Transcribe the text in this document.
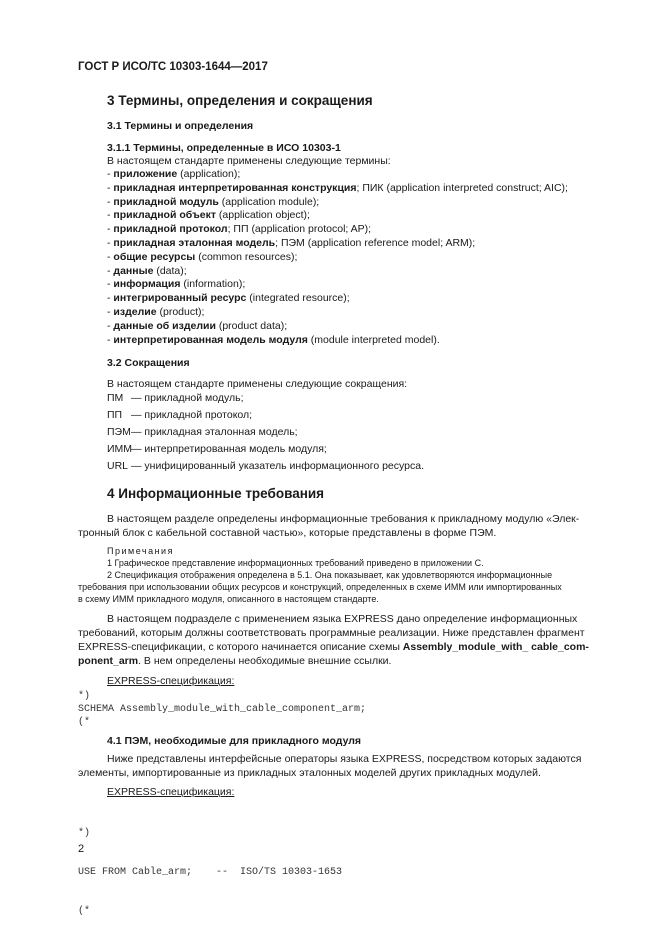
ГОСТ Р ИСО/ТС 10303-1644—2017
3 Термины, определения и сокращения
3.1 Термины и определения
3.1.1 Термины, определенные в ИСО 10303-1
В настоящем стандарте применены следующие термины:
- приложение (application);
- прикладная интерпретированная конструкция; ПИК (application interpreted construct; AIC);
- прикладной модуль (application module);
- прикладной объект (application object);
- прикладной протокол; ПП (application protocol; AP);
- прикладная эталонная модель; ПЭМ (application reference model; ARM);
- общие ресурсы (common resources);
- данные (data);
- информация (information);
- интегрированный ресурс (integrated resource);
- изделие (product);
- данные об изделии (product data);
- интерпретированная модель модуля (module interpreted model).
3.2 Сокращения
В настоящем стандарте применены следующие сокращения:
ПМ — прикладной модуль;
ПП — прикладной протокол;
ПЭМ— прикладная эталонная модель;
ИММ— интерпретированная модель модуля;
URL — унифицированный указатель информационного ресурса.
4 Информационные требования
В настоящем разделе определены информационные требования к прикладному модулю «Элек-
тронный блок с кабельной составной частью», которые представлены в форме ПЭМ.
Примечания
1 Графическое представление информационных требований приведено в приложении С.
2 Спецификация отображения определена в 5.1. Она показывает, как удовлетворяются информационные
требования при использовании общих ресурсов и конструкций, определенных в схеме ИММ или импортированных
в схему ИММ прикладного модуля, описанного в настоящем стандарте.
В настоящем подразделе с применением языка EXPRESS дано определение информационных
требований, которым должны соответствовать программные реализации. Ниже представлен фрагмент
EXPRESS-спецификации, с которого начинается описание схемы Assembly_module_with_ cable_com-
ponent_arm. В нем определены необходимые внешние ссылки.
EXPRESS-спецификация:
*)
SCHEMA Assembly_module_with_cable_component_arm;
(*
4.1 ПЭМ, необходимые для прикладного модуля
Ниже представлены интерфейсные операторы языка EXPRESS, посредством которых задаются
элементы, импортированные из прикладных эталонных моделей других прикладных модулей.
EXPRESS-спецификация:

*)

USE FROM Cable_arm;    --  ISO/TS 10303-1653

(*

2
